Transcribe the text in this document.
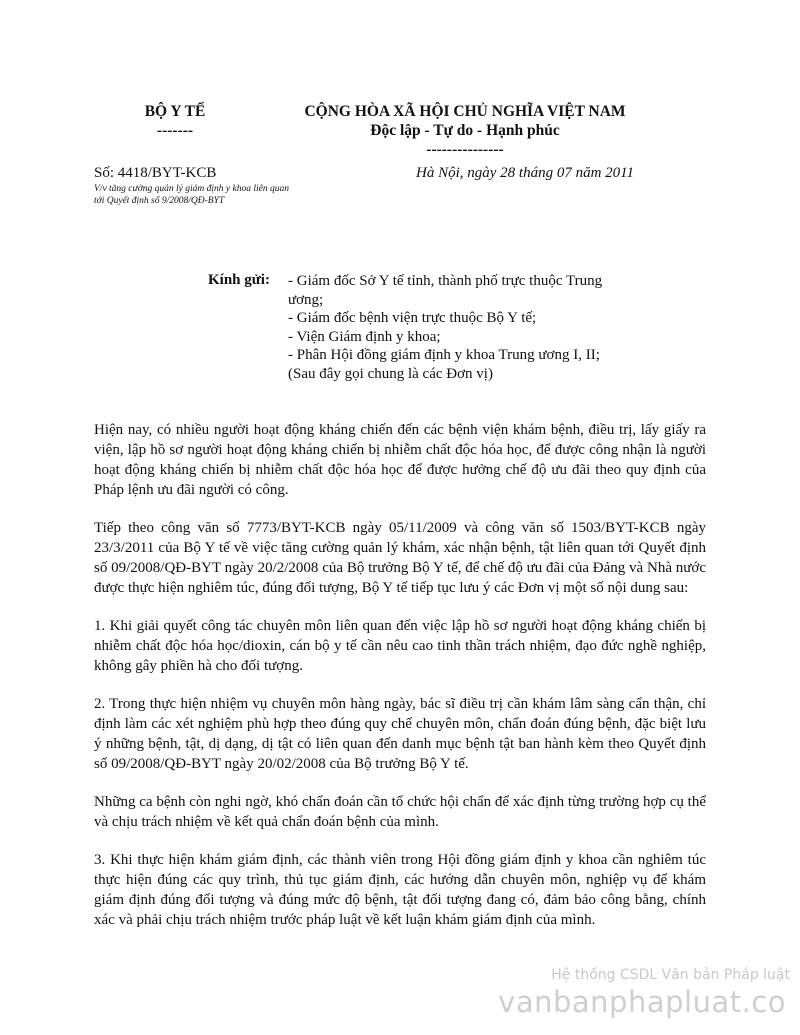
BỘ Y TẾ
-------
CỘNG HÒA XÃ HỘI CHỦ NGHĨA VIỆT NAM
Độc lập - Tự do - Hạnh phúc
---------------
Số: 4418/BYT-KCB
V/v tăng cường quản lý giám định y khoa liên quan tới Quyết định số 9/2008/QĐ-BYT
Hà Nội, ngày 28 tháng 07 năm 2011
Kính gửi: - Giám đốc Sở Y tế tỉnh, thành phố trực thuộc Trung ương;
- Giám đốc bệnh viện trực thuộc Bộ Y tế;
- Viện Giám định y khoa;
- Phân Hội đồng giám định y khoa Trung ương I, II;
(Sau đây gọi chung là các Đơn vị)

Hiện nay, có nhiều người hoạt động kháng chiến đến các bệnh viện khám bệnh, điều trị, lấy giấy ra viện, lập hồ sơ người hoạt động kháng chiến bị nhiễm chất độc hóa học, để được công nhận là người hoạt động kháng chiến bị nhiễm chất độc hóa học để được hưởng chế độ ưu đãi theo quy định của Pháp lệnh ưu đãi người có công.

Tiếp theo công văn số 7773/BYT-KCB ngày 05/11/2009 và công văn số 1503/BYT-KCB ngày 23/3/2011 của Bộ Y tế về việc tăng cường quản lý khám, xác nhận bệnh, tật liên quan tới Quyết định số 09/2008/QĐ-BYT ngày 20/2/2008 của Bộ trưởng Bộ Y tế, để chế độ ưu đãi của Đảng và Nhà nước được thực hiện nghiêm túc, đúng đối tượng, Bộ Y tế tiếp tục lưu ý các Đơn vị một số nội dung sau:

1. Khi giải quyết công tác chuyên môn liên quan đến việc lập hồ sơ người hoạt động kháng chiến bị nhiễm chất độc hóa học/dioxin, cán bộ y tế cần nêu cao tinh thần trách nhiệm, đạo đức nghề nghiệp, không gây phiền hà cho đối tượng.

2. Trong thực hiện nhiệm vụ chuyên môn hàng ngày, bác sĩ điều trị cần khám lâm sàng cẩn thận, chỉ định làm các xét nghiệm phù hợp theo đúng quy chế chuyên môn, chẩn đoán đúng bệnh, đặc biệt lưu ý những bệnh, tật, dị dạng, dị tật có liên quan đến danh mục bệnh tật ban hành kèm theo Quyết định số 09/2008/QĐ-BYT ngày 20/02/2008 của Bộ trưởng Bộ Y tế.

Những ca bệnh còn nghi ngờ, khó chẩn đoán cần tổ chức hội chẩn để xác định từng trường hợp cụ thể và chịu trách nhiệm về kết quả chẩn đoán bệnh của mình.

3. Khi thực hiện khám giám định, các thành viên trong Hội đồng giám định y khoa cần nghiêm túc thực hiện đúng các quy trình, thủ tục giám định, các hướng dẫn chuyên môn, nghiệp vụ để khám giám định đúng đối tượng và đúng mức độ bệnh, tật đối tượng đang có, đảm bảo công bằng, chính xác và phải chịu trách nhiệm trước pháp luật về kết luận khám giám định của mình.

Hệ thống CSDL Văn bản Pháp luật
vanbanphapluat.co
